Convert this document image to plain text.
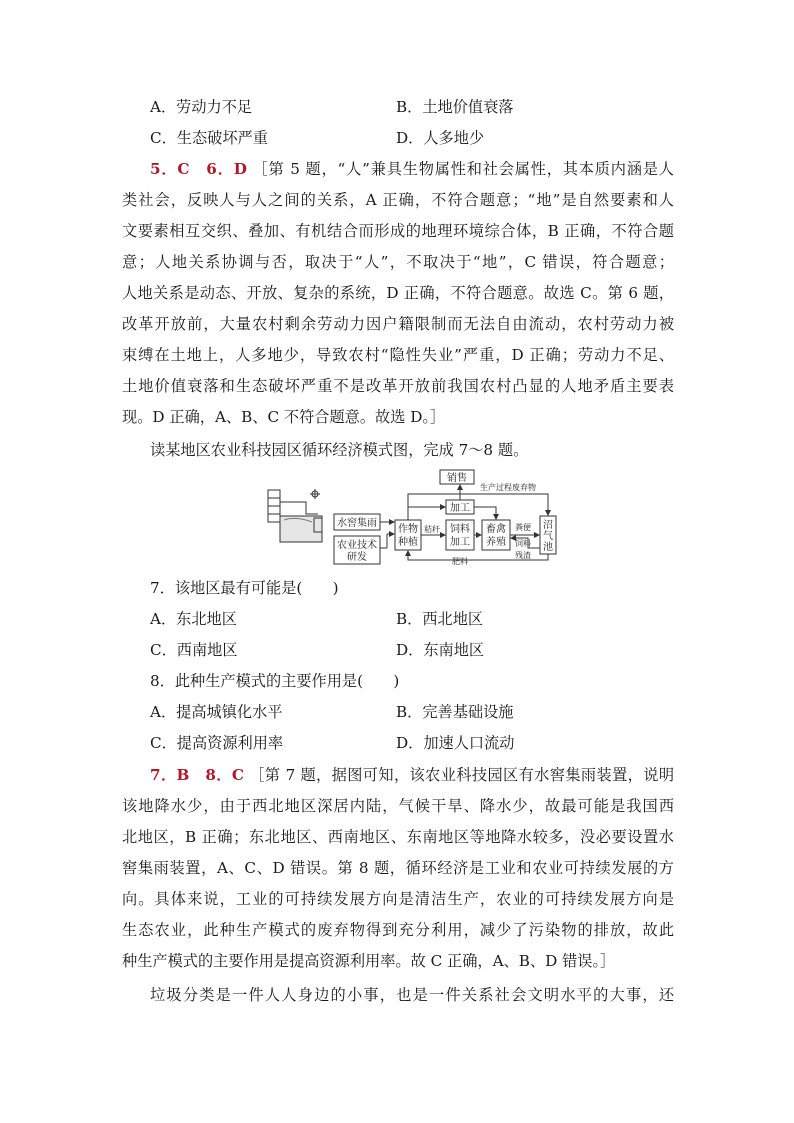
A．劳动力不足	B．土地价值衰落
C．生态破坏严重	D．人多地少
5．C　6．D ［第 5 题，“人”兼具生物属性和社会属性，其本质内涵是人
类社会，反映人与人之间的关系，A 正确，不符合题意；“地”是自然要素和人
文要素相互交织、叠加、有机结合而形成的地理环境综合体，B 正确，不符合题
意；人地关系协调与否，取决于“人”，不取决于“地”，C 错误，符合题意；
人地关系是动态、开放、复杂的系统，D 正确，不符合题意。故选 C。第 6 题，
改革开放前，大量农村剩余劳动力因户籍限制而无法自由流动，农村劳动力被
束缚在土地上，人多地少，导致农村“隐性失业”严重，D 正确；劳动力不足、
土地价值衰落和生态破坏严重不是改革开放前我国农村凸显的人地矛盾主要表
现。D 正确，A、B、C 不符合题意。故选 D。］
读某地区农业科技园区循环经济模式图，完成 7～8 题。
水窖集雨
农业技术
研发
作物
种植
销售
加工
饲料
加工
畜禽
养殖
沼
气
池
生产过程废弃物
秸秆	粪便
饲料
残渣
肥料
7．该地区最有可能是(　　)
A．东北地区	B．西北地区
C．西南地区	D．东南地区
8．此种生产模式的主要作用是(　　)
A．提高城镇化水平	B．完善基础设施
C．提高资源利用率	D．加速人口流动
7．B　8．C ［第 7 题，据图可知，该农业科技园区有水窖集雨装置，说明
该地降水少，由于西北地区深居内陆，气候干旱、降水少，故最可能是我国西
北地区，B 正确；东北地区、西南地区、东南地区等地降水较多，没必要设置水
窖集雨装置，A、C、D 错误。第 8 题，循环经济是工业和农业可持续发展的方
向。具体来说，工业的可持续发展方向是清洁生产，农业的可持续发展方向是
生态农业，此种生产模式的废弃物得到充分利用，减少了污染物的排放，故此
种生产模式的主要作用是提高资源利用率。故 C 正确，A、B、D 错误。］
垃圾分类是一件人人身边的小事，也是一件关系社会文明水平的大事，还
